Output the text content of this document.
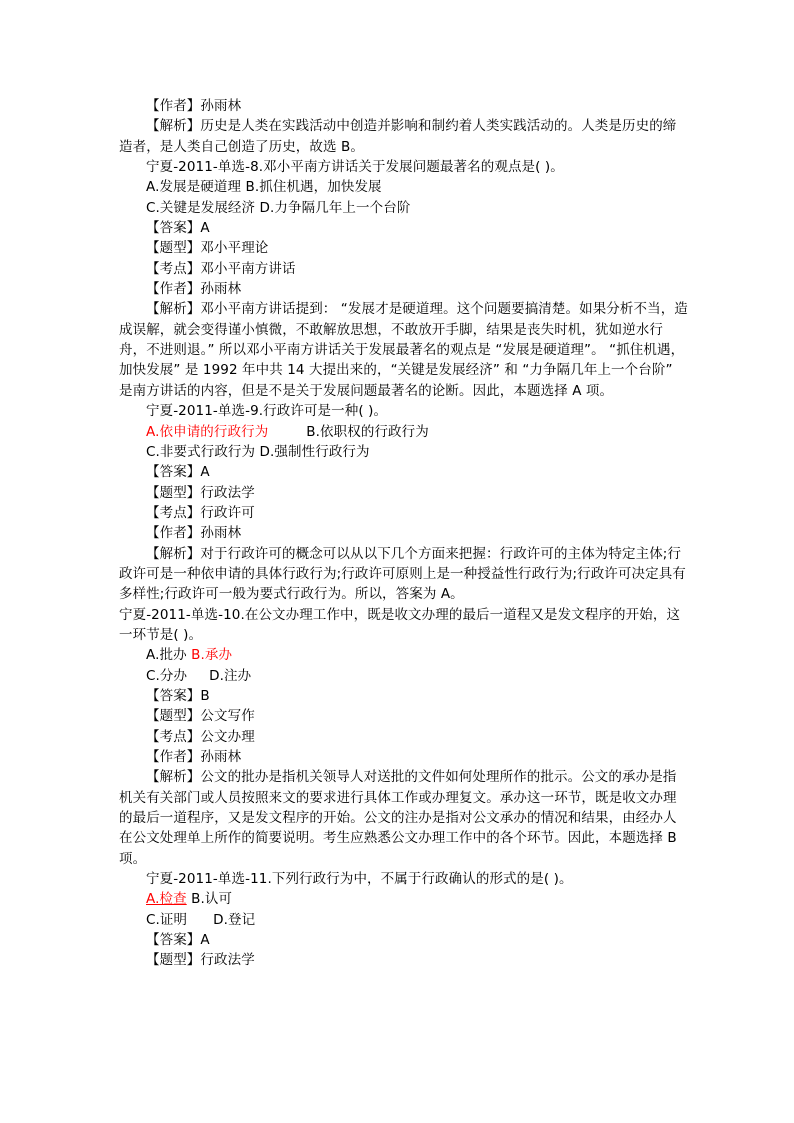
【作者】孙雨林

【解析】历史是人类在实践活动中创造并影响和制约着人类实践活动的。人类是历史的缔造者，是人类自己创造了历史，故选 B。

宁夏-2011-单选-8.邓小平南方讲话关于发展问题最著名的观点是( )。

A.发展是硬道理 B.抓住机遇，加快发展

C.关键是发展经济 D.力争隔几年上一个台阶

【答案】A

【题型】邓小平理论

【考点】邓小平南方讲话

【作者】孙雨林

【解析】邓小平南方讲话提到： “发展才是硬道理。这个问题要搞清楚。如果分析不当，造成误解，就会变得谨小慎微，不敢解放思想，不敢放开手脚，结果是丧失时机，犹如逆水行舟，不进则退。” 所以邓小平南方讲话关于发展最著名的观点是 “发展是硬道理”。 “抓住机遇，加快发展” 是 1992 年中共 14 大提出来的，“关键是发展经济” 和 “力争隔几年上一个台阶” 是南方讲话的内容，但是不是关于发展问题最著名的论断。因此，本题选择 A 项。

宁夏-2011-单选-9.行政许可是一种( )。

A.依申请的行政行为	B.依职权的行政行为

C.非要式行政行为 D.强制性行政行为

【答案】A

【题型】行政法学

【考点】行政许可

【作者】孙雨林

【解析】对于行政许可的概念可以从以下几个方面来把握：行政许可的主体为特定主体;行政许可是一种依申请的具体行政行为;行政许可原则上是一种授益性行政行为;行政许可决定具有多样性;行政许可一般为要式行政行为。所以，答案为 A。

宁夏-2011-单选-10.在公文办理工作中，既是收文办理的最后一道程又是发文程序的开始，这一环节是( )。

A.批办 B.承办

C.分办 D.注办

【答案】B

【题型】公文写作

【考点】公文办理

【作者】孙雨林

【解析】公文的批办是指机关领导人对送批的文件如何处理所作的批示。公文的承办是指机关有关部门或人员按照来文的要求进行具体工作或办理复文。承办这一环节，既是收文办理的最后一道程序，又是发文程序的开始。公文的注办是指对公文承办的情况和结果，由经办人在公文处理单上所作的简要说明。考生应熟悉公文办理工作中的各个环节。因此，本题选择 B 项。

宁夏-2011-单选-11.下列行政行为中，不属于行政确认的形式的是( )。

A.检查 B.认可

C.证明 D.登记

【答案】A

【题型】行政法学
